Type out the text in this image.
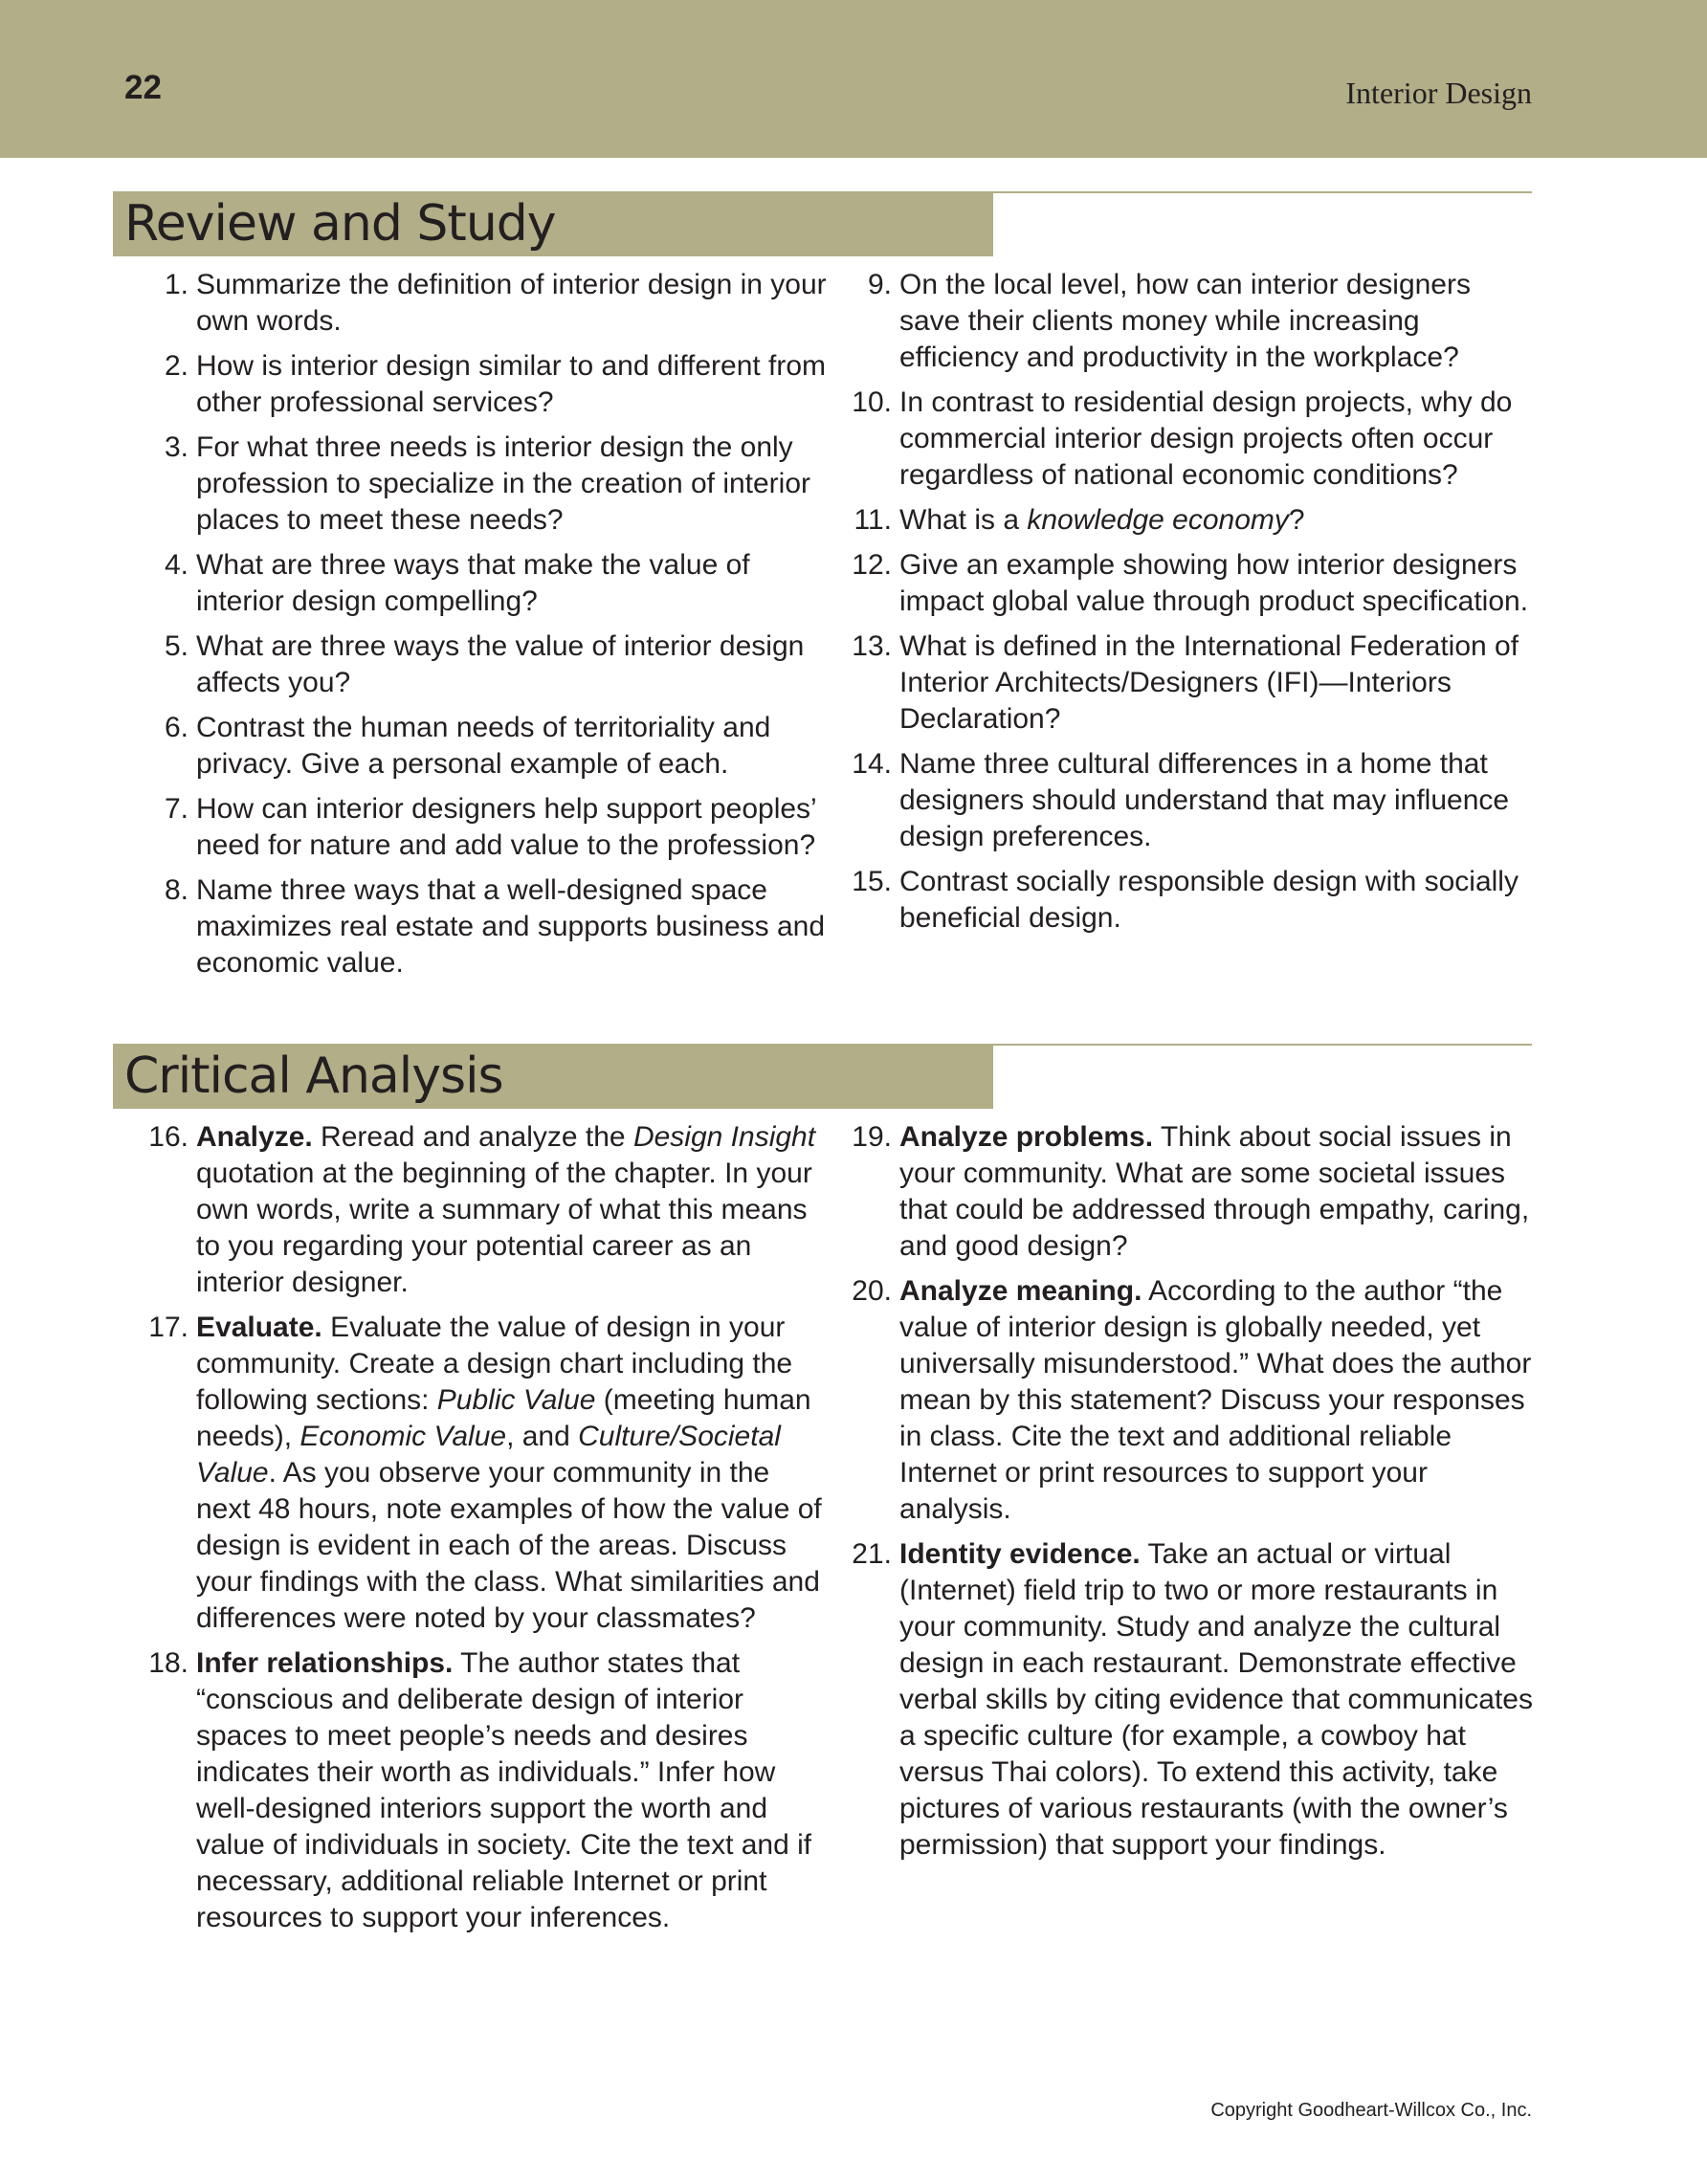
22	Interior Design
Review and Study
1. Summarize the definition of interior design in your own words.
2. How is interior design similar to and different from other professional services?
3. For what three needs is interior design the only profession to specialize in the creation of interior places to meet these needs?
4. What are three ways that make the value of interior design compelling?
5. What are three ways the value of interior design affects you?
6. Contrast the human needs of territoriality and privacy. Give a personal example of each.
7. How can interior designers help support peoples’ need for nature and add value to the profession?
8. Name three ways that a well-designed space maximizes real estate and supports business and economic value.
9. On the local level, how can interior designers save their clients money while increasing efficiency and productivity in the workplace?
10. In contrast to residential design projects, why do commercial interior design projects often occur regardless of national economic conditions?
11. What is a knowledge economy?
12. Give an example showing how interior designers impact global value through product specification.
13. What is defined in the International Federation of Interior Architects/Designers (IFI)—Interiors Declaration?
14. Name three cultural differences in a home that designers should understand that may influence design preferences.
15. Contrast socially responsible design with socially beneficial design.
Critical Analysis
16. Analyze. Reread and analyze the Design Insight quotation at the beginning of the chapter. In your own words, write a summary of what this means to you regarding your potential career as an interior designer.
17. Evaluate. Evaluate the value of design in your community. Create a design chart including the following sections: Public Value (meeting human needs), Economic Value, and Culture/Societal Value. As you observe your community in the next 48 hours, note examples of how the value of design is evident in each of the areas. Discuss your findings with the class. What similarities and differences were noted by your classmates?
18. Infer relationships. The author states that “conscious and deliberate design of interior spaces to meet people’s needs and desires indicates their worth as individuals.” Infer how well-designed interiors support the worth and value of individuals in society. Cite the text and if necessary, additional reliable Internet or print resources to support your inferences.
19. Analyze problems. Think about social issues in your community. What are some societal issues that could be addressed through empathy, caring, and good design?
20. Analyze meaning. According to the author “the value of interior design is globally needed, yet universally misunderstood.” What does the author mean by this statement? Discuss your responses in class. Cite the text and additional reliable Internet or print resources to support your analysis.
21. Identity evidence. Take an actual or virtual (Internet) field trip to two or more restaurants in your community. Study and analyze the cultural design in each restaurant. Demonstrate effective verbal skills by citing evidence that communicates a specific culture (for example, a cowboy hat versus Thai colors). To extend this activity, take pictures of various restaurants (with the owner’s permission) that support your findings.
Copyright Goodheart-Willcox Co., Inc.
